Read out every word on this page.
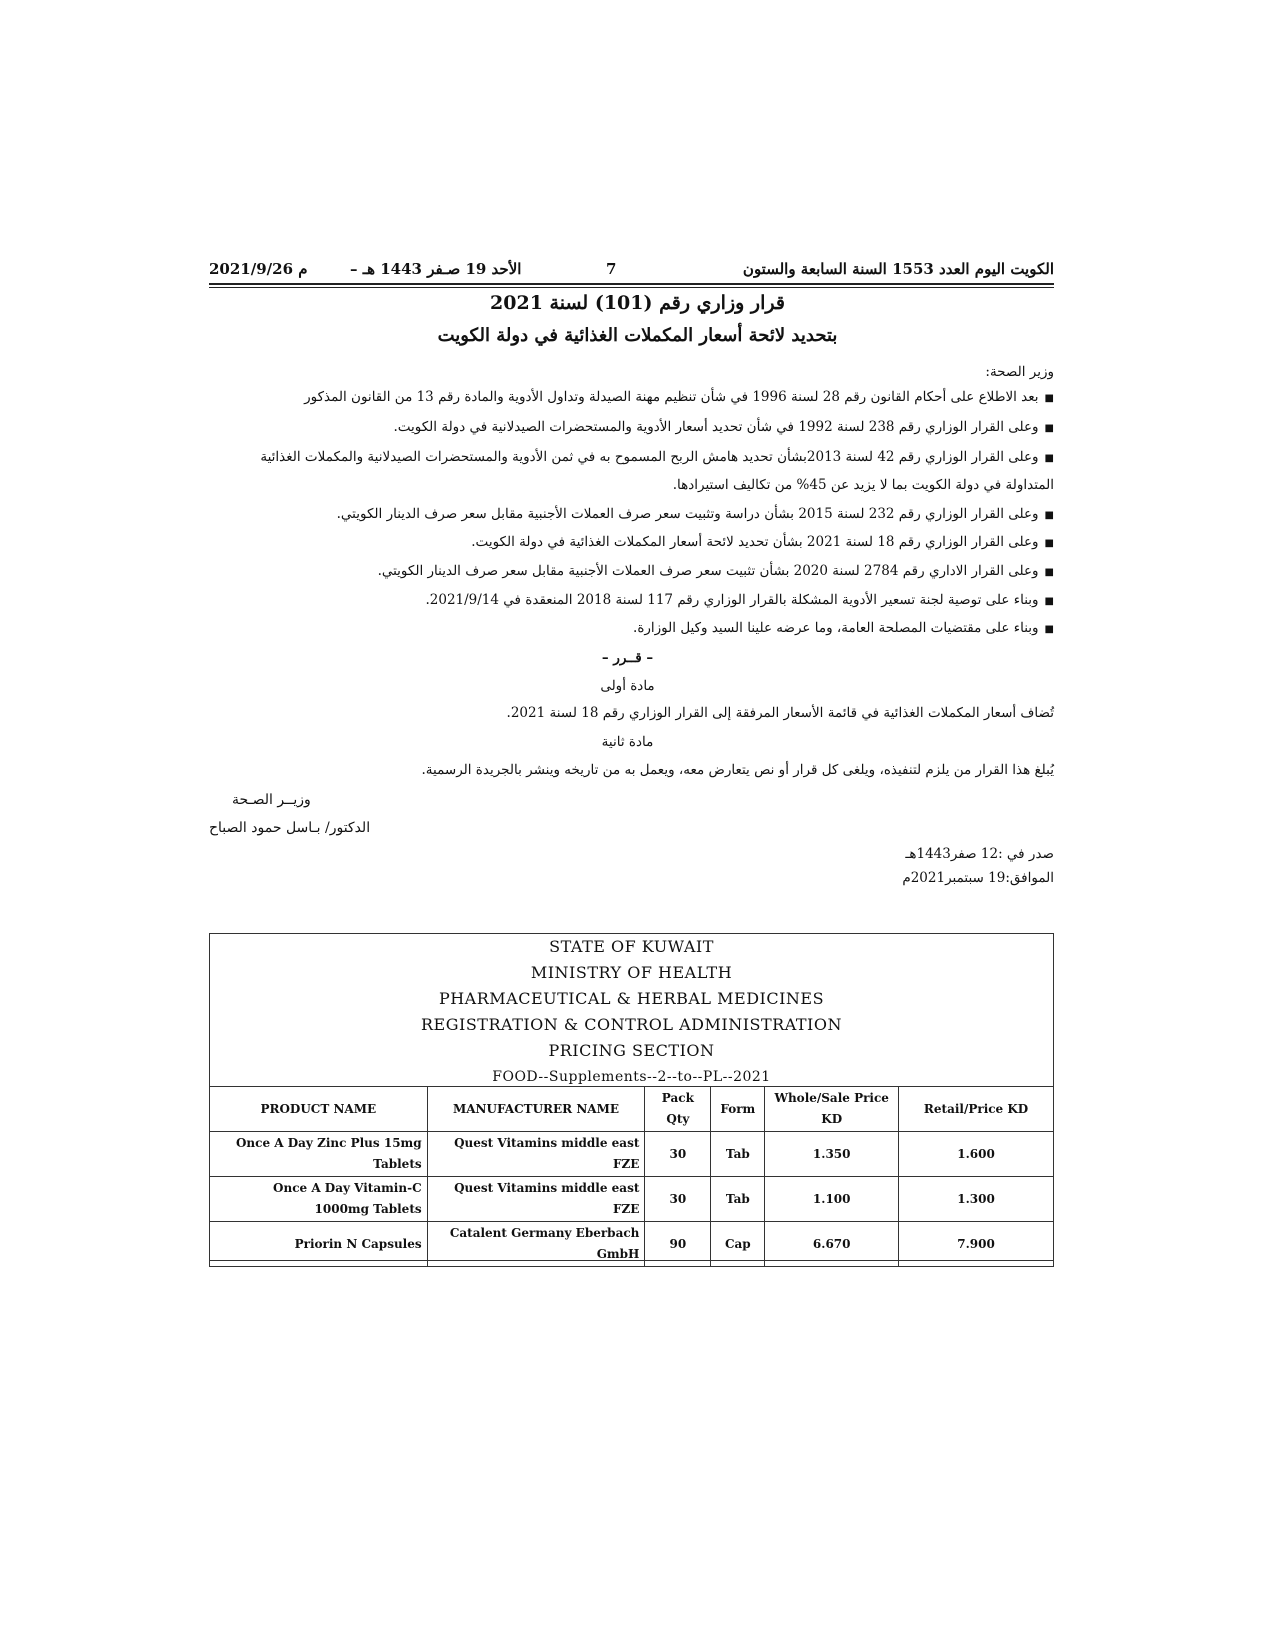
2021/9/26 م	الأحد 19 صـفر 1443 هـ –	7	الكويت اليوم العدد 1553 السنة السابعة والستون
قرار وزاري رقم (101) لسنة 2021
بتحديد لائحة أسعار المكملات الغذائية في دولة الكويت
وزير الصحة:
■بعد الاطلاع على أحكام القانون رقم 28 لسنة 1996 في شأن تنظيم مهنة الصيدلة وتداول الأدوية والمادة رقم 13 من القانون المذكور
■وعلى القرار الوزاري رقم 238 لسنة 1992 في شأن تحديد أسعار الأدوية والمستحضرات الصيدلانية في دولة الكويت.
■وعلى القرار الوزاري رقم 42 لسنة 2013بشأن تحديد هامش الربح المسموح به في ثمن الأدوية والمستحضرات الصيدلانية والمكملات الغذائية
المتداولة في دولة الكويت بما لا يزيد عن 45% من تكاليف استيرادها.
■وعلى القرار الوزاري رقم 232 لسنة 2015 بشأن دراسة وتثبيت سعر صرف العملات الأجنبية مقابل سعر صرف الدينار الكويتي.
■وعلى القرار الوزاري رقم 18 لسنة 2021 بشأن تحديد لائحة أسعار المكملات الغذائية في دولة الكويت.
■وعلى القرار الاداري رقم 2784 لسنة 2020 بشأن تثبيت سعر صرف العملات الأجنبية مقابل سعر صرف الدينار الكويتي.
■وبناء على توصية لجنة تسعير الأدوية المشكلة بالقرار الوزاري رقم 117 لسنة 2018 المنعقدة في 2021/9/14.
■وبناء على مقتضيات المصلحة العامة، وما عرضه علينا السيد وكيل الوزارة.
– قــرر –
مادة أولى
تُضاف أسعار المكملات الغذائية في قائمة الأسعار المرفقة إلى القرار الوزاري رقم 18 لسنة 2021.
مادة ثانية
يُبلغ هذا القرار من يلزم لتنفيذه، ويلغى كل قرار أو نص يتعارض معه، ويعمل به من تاريخه وينشر بالجريدة الرسمية.
وزيــر الصـحة
الدكتور/ بـاسل حمود الصباح
صدر في :12 صفر1443هـ
الموافق:19 سبتمبر2021م
STATE OF KUWAIT
MINISTRY OF HEALTH
PHARMACEUTICAL & HERBAL MEDICINES
REGISTRATION & CONTROL ADMINISTRATION
PRICING SECTION
FOOD--Supplements--2--to--PL--2021
PRODUCT NAME	MANUFACTURER NAME	Pack Qty	Form	Whole/Sale Price KD	Retail/Price KD
Once A Day Zinc Plus 15mg Tablets	Quest Vitamins middle east FZE	30	Tab	1.350	1.600
Once A Day Vitamin-C 1000mg Tablets	Quest Vitamins middle east FZE	30	Tab	1.100	1.300
Priorin N Capsules	Catalent Germany Eberbach GmbH	90	Cap	6.670	7.900
